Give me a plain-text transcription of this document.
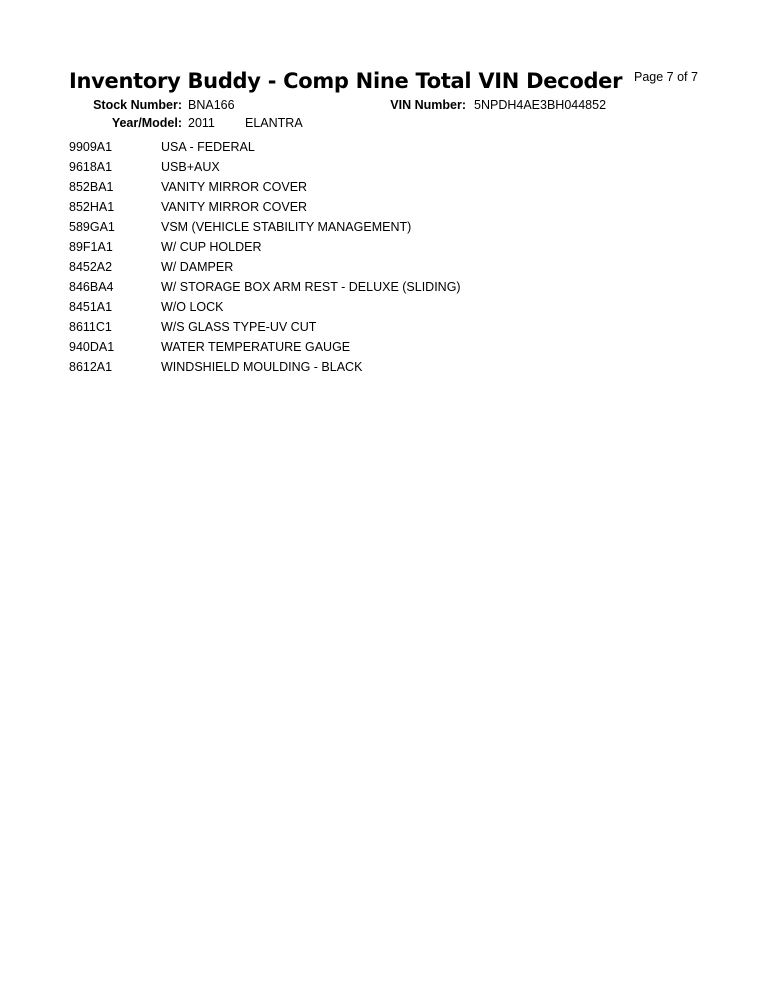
Inventory Buddy - Comp Nine Total VIN Decoder Page 7 of 7
Stock Number: BNA166	VIN Number: 5NPDH4AE3BH044852
Year/Model: 2011 ELANTRA
9909A1	USA - FEDERAL
9618A1	USB+AUX
852BA1	VANITY MIRROR COVER
852HA1	VANITY MIRROR COVER
589GA1	VSM (VEHICLE STABILITY MANAGEMENT)
89F1A1	W/ CUP HOLDER
8452A2	W/ DAMPER
846BA4	W/ STORAGE BOX ARM REST - DELUXE (SLIDING)
8451A1	W/O LOCK
8611C1	W/S GLASS TYPE-UV CUT
940DA1	WATER TEMPERATURE GAUGE
8612A1	WINDSHIELD MOULDING - BLACK
